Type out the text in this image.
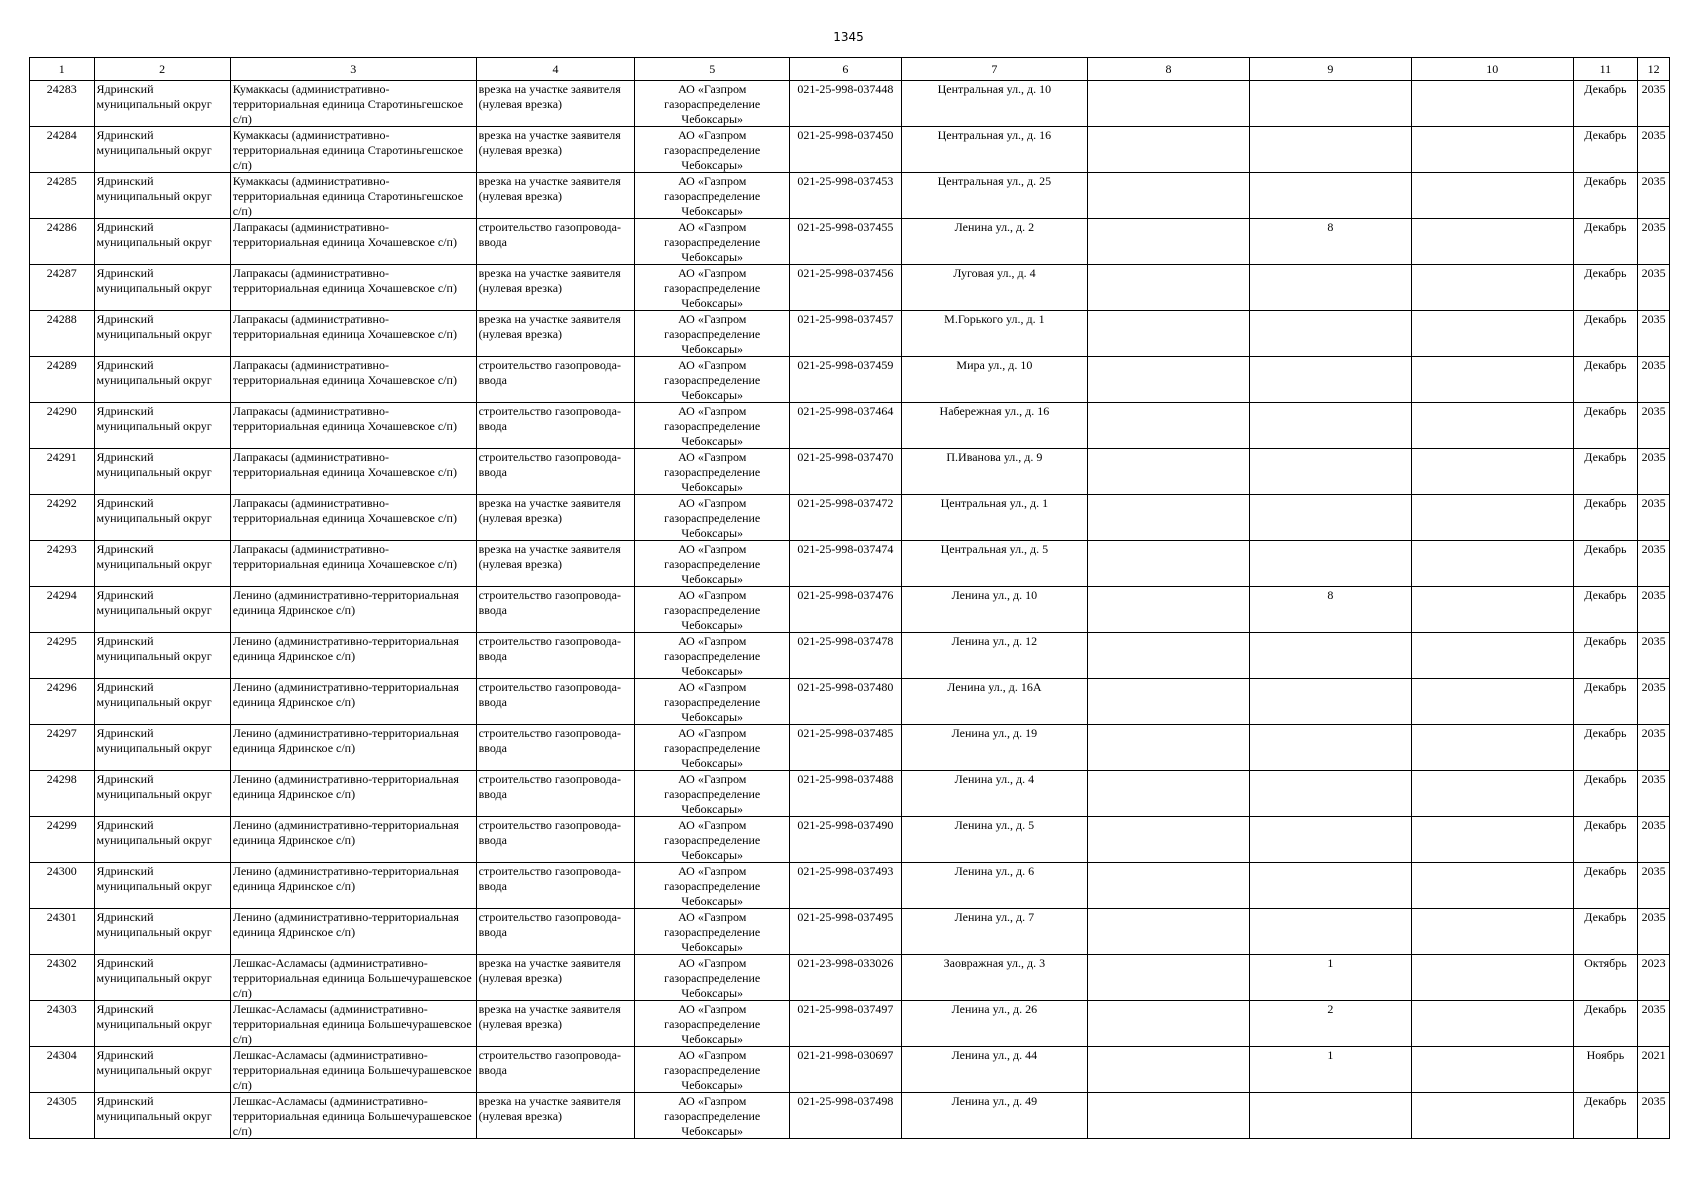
1345
1	2	3	4	5	6	7	8	9	10	11	12

24283	Ядринский муниципальный округ	Кумаккасы (административно-территориальная единица Старотиньгешское с/п)	врезка на участке заявителя (нулевая врезка)	АО «Газпром газораспределение Чебоксары»	021-25-998-037448	Центральная ул., д. 10				Декабрь	2035

24284	Ядринский муниципальный округ	Кумаккасы (административно-территориальная единица Старотиньгешское с/п)	врезка на участке заявителя (нулевая врезка)	АО «Газпром газораспределение Чебоксары»	021-25-998-037450	Центральная ул., д. 16				Декабрь	2035

24285	Ядринский муниципальный округ	Кумаккасы (административно-территориальная единица Старотиньгешское с/п)	врезка на участке заявителя (нулевая врезка)	АО «Газпром газораспределение Чебоксары»	021-25-998-037453	Центральная ул., д. 25				Декабрь	2035

24286	Ядринский муниципальный округ	Лапракасы (административно-территориальная единица Хочашевское с/п)	строительство газопровода-ввода	АО «Газпром газораспределение Чебоксары»	021-25-998-037455	Ленина ул., д. 2		8		Декабрь	2035

24287	Ядринский муниципальный округ	Лапракасы (административно-территориальная единица Хочашевское с/п)	врезка на участке заявителя (нулевая врезка)	АО «Газпром газораспределение Чебоксары»	021-25-998-037456	Луговая ул., д. 4				Декабрь	2035

24288	Ядринский муниципальный округ	Лапракасы (административно-территориальная единица Хочашевское с/п)	врезка на участке заявителя (нулевая врезка)	АО «Газпром газораспределение Чебоксары»	021-25-998-037457	М.Горького ул., д. 1				Декабрь	2035

24289	Ядринский муниципальный округ	Лапракасы (административно-территориальная единица Хочашевское с/п)	строительство газопровода-ввода	АО «Газпром газораспределение Чебоксары»	021-25-998-037459	Мира ул., д. 10				Декабрь	2035

24290	Ядринский муниципальный округ	Лапракасы (административно-территориальная единица Хочашевское с/п)	строительство газопровода-ввода	АО «Газпром газораспределение Чебоксары»	021-25-998-037464	Набережная ул., д. 16				Декабрь	2035

24291	Ядринский муниципальный округ	Лапракасы (административно-территориальная единица Хочашевское с/п)	строительство газопровода-ввода	АО «Газпром газораспределение Чебоксары»	021-25-998-037470	П.Иванова ул., д. 9				Декабрь	2035

24292	Ядринский муниципальный округ	Лапракасы (административно-территориальная единица Хочашевское с/п)	врезка на участке заявителя (нулевая врезка)	АО «Газпром газораспределение Чебоксары»	021-25-998-037472	Центральная ул., д. 1				Декабрь	2035

24293	Ядринский муниципальный округ	Лапракасы (административно-территориальная единица Хочашевское с/п)	врезка на участке заявителя (нулевая врезка)	АО «Газпром газораспределение Чебоксары»	021-25-998-037474	Центральная ул., д. 5				Декабрь	2035

24294	Ядринский муниципальный округ	Ленино (административно-территориальная единица Ядринское с/п)	строительство газопровода-ввода	АО «Газпром газораспределение Чебоксары»	021-25-998-037476	Ленина ул., д. 10		8		Декабрь	2035

24295	Ядринский муниципальный округ	Ленино (административно-территориальная единица Ядринское с/п)	строительство газопровода-ввода	АО «Газпром газораспределение Чебоксары»	021-25-998-037478	Ленина ул., д. 12				Декабрь	2035

24296	Ядринский муниципальный округ	Ленино (административно-территориальная единица Ядринское с/п)	строительство газопровода-ввода	АО «Газпром газораспределение Чебоксары»	021-25-998-037480	Ленина ул., д. 16А				Декабрь	2035

24297	Ядринский муниципальный округ	Ленино (административно-территориальная единица Ядринское с/п)	строительство газопровода-ввода	АО «Газпром газораспределение Чебоксары»	021-25-998-037485	Ленина ул., д. 19				Декабрь	2035

24298	Ядринский муниципальный округ	Ленино (административно-территориальная единица Ядринское с/п)	строительство газопровода-ввода	АО «Газпром газораспределение Чебоксары»	021-25-998-037488	Ленина ул., д. 4				Декабрь	2035

24299	Ядринский муниципальный округ	Ленино (административно-территориальная единица Ядринское с/п)	строительство газопровода-ввода	АО «Газпром газораспределение Чебоксары»	021-25-998-037490	Ленина ул., д. 5				Декабрь	2035

24300	Ядринский муниципальный округ	Ленино (административно-территориальная единица Ядринское с/п)	строительство газопровода-ввода	АО «Газпром газораспределение Чебоксары»	021-25-998-037493	Ленина ул., д. 6				Декабрь	2035

24301	Ядринский муниципальный округ	Ленино (административно-территориальная единица Ядринское с/п)	строительство газопровода-ввода	АО «Газпром газораспределение Чебоксары»	021-25-998-037495	Ленина ул., д. 7				Декабрь	2035

24302	Ядринский муниципальный округ	Лешкас-Асламасы (административно-территориальная единица Большечурашевское с/п)	врезка на участке заявителя (нулевая врезка)	АО «Газпром газораспределение Чебоксары»	021-23-998-033026	Заовражная ул., д. 3		1		Октябрь	2023

24303	Ядринский муниципальный округ	Лешкас-Асламасы (административно-территориальная единица Большечурашевское с/п)	врезка на участке заявителя (нулевая врезка)	АО «Газпром газораспределение Чебоксары»	021-25-998-037497	Ленина ул., д. 26		2		Декабрь	2035

24304	Ядринский муниципальный округ	Лешкас-Асламасы (административно-территориальная единица Большечурашевское с/п)	строительство газопровода-ввода	АО «Газпром газораспределение Чебоксары»	021-21-998-030697	Ленина ул., д. 44		1		Ноябрь	2021

24305	Ядринский муниципальный округ	Лешкас-Асламасы (административно-территориальная единица Большечурашевское с/п)	врезка на участке заявителя (нулевая врезка)	АО «Газпром газораспределение Чебоксары»	021-25-998-037498	Ленина ул., д. 49				Декабрь	2035
